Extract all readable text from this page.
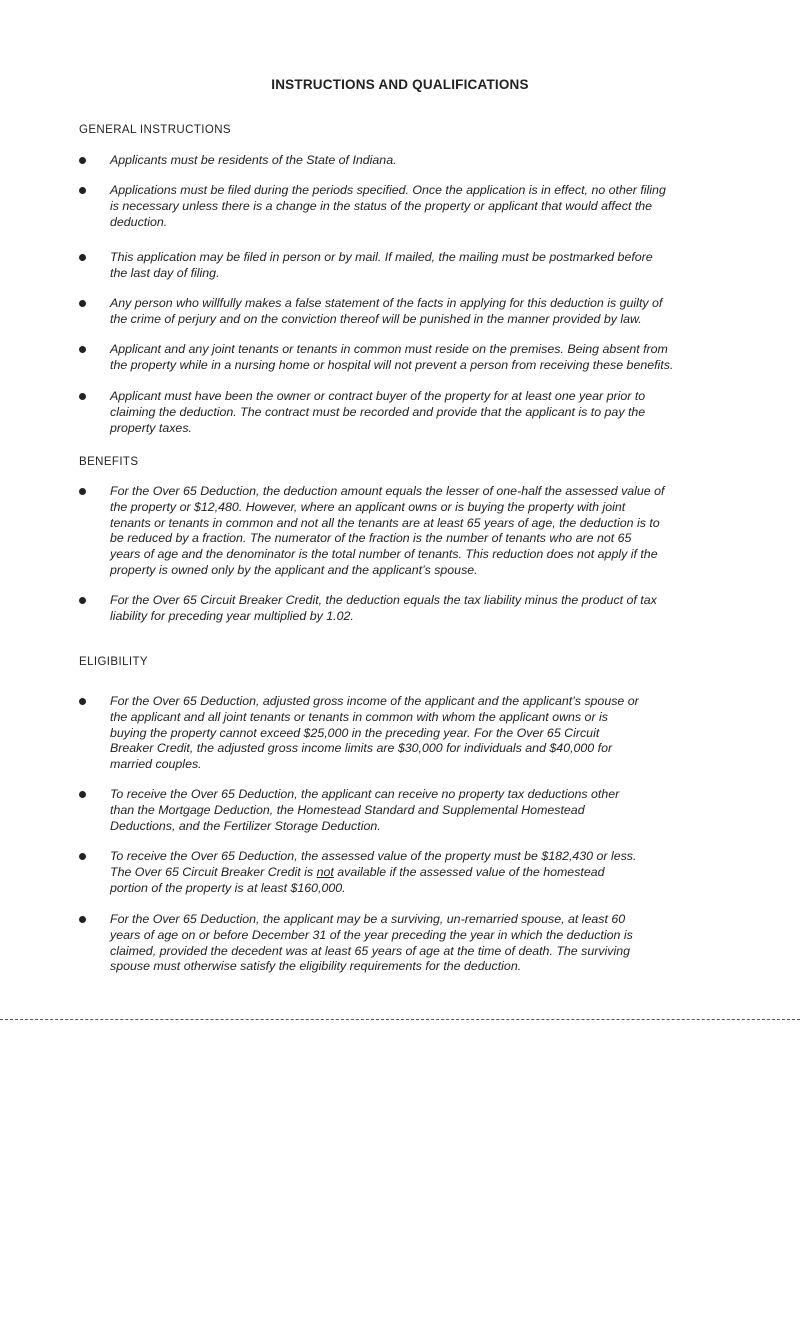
INSTRUCTIONS AND QUALIFICATIONS
GENERAL INSTRUCTIONS
Applicants must be residents of the State of Indiana.
Applications must be filed during the periods specified. Once the application is in effect, no other filing
is necessary unless there is a change in the status of the property or applicant that would affect the
deduction.
This application may be filed in person or by mail. If mailed, the mailing must be postmarked before
the last day of filing.
Any person who willfully makes a false statement of the facts in applying for this deduction is guilty of
the crime of perjury and on the conviction thereof will be punished in the manner provided by law.
Applicant and any joint tenants or tenants in common must reside on the premises. Being absent from
the property while in a nursing home or hospital will not prevent a person from receiving these benefits.
Applicant must have been the owner or contract buyer of the property for at least one year prior to
claiming the deduction. The contract must be recorded and provide that the applicant is to pay the
property taxes.
BENEFITS
For the Over 65 Deduction, the deduction amount equals the lesser of one-half the assessed value of
the property or $12,480. However, where an applicant owns or is buying the property with joint
tenants or tenants in common and not all the tenants are at least 65 years of age, the deduction is to
be reduced by a fraction. The numerator of the fraction is the number of tenants who are not 65
years of age and the denominator is the total number of tenants. This reduction does not apply if the
property is owned only by the applicant and the applicant’s spouse.
For the Over 65 Circuit Breaker Credit, the deduction equals the tax liability minus the product of tax
liability for preceding year multiplied by 1.02.
ELIGIBILITY
For the Over 65 Deduction, adjusted gross income of the applicant and the applicant’s spouse or
the applicant and all joint tenants or tenants in common with whom the applicant owns or is
buying the property cannot exceed $25,000 in the preceding year. For the Over 65 Circuit
Breaker Credit, the adjusted gross income limits are $30,000 for individuals and $40,000 for
married couples.
To receive the Over 65 Deduction, the applicant can receive no property tax deductions other
than the Mortgage Deduction, the Homestead Standard and Supplemental Homestead
Deductions, and the Fertilizer Storage Deduction.
To receive the Over 65 Deduction, the assessed value of the property must be $182,430 or less.
The Over 65 Circuit Breaker Credit is not available if the assessed value of the homestead
portion of the property is at least $160,000.
For the Over 65 Deduction, the applicant may be a surviving, un-remarried spouse, at least 60
years of age on or before December 31 of the year preceding the year in which the deduction is
claimed, provided the decedent was at least 65 years of age at the time of death. The surviving
spouse must otherwise satisfy the eligibility requirements for the deduction.
